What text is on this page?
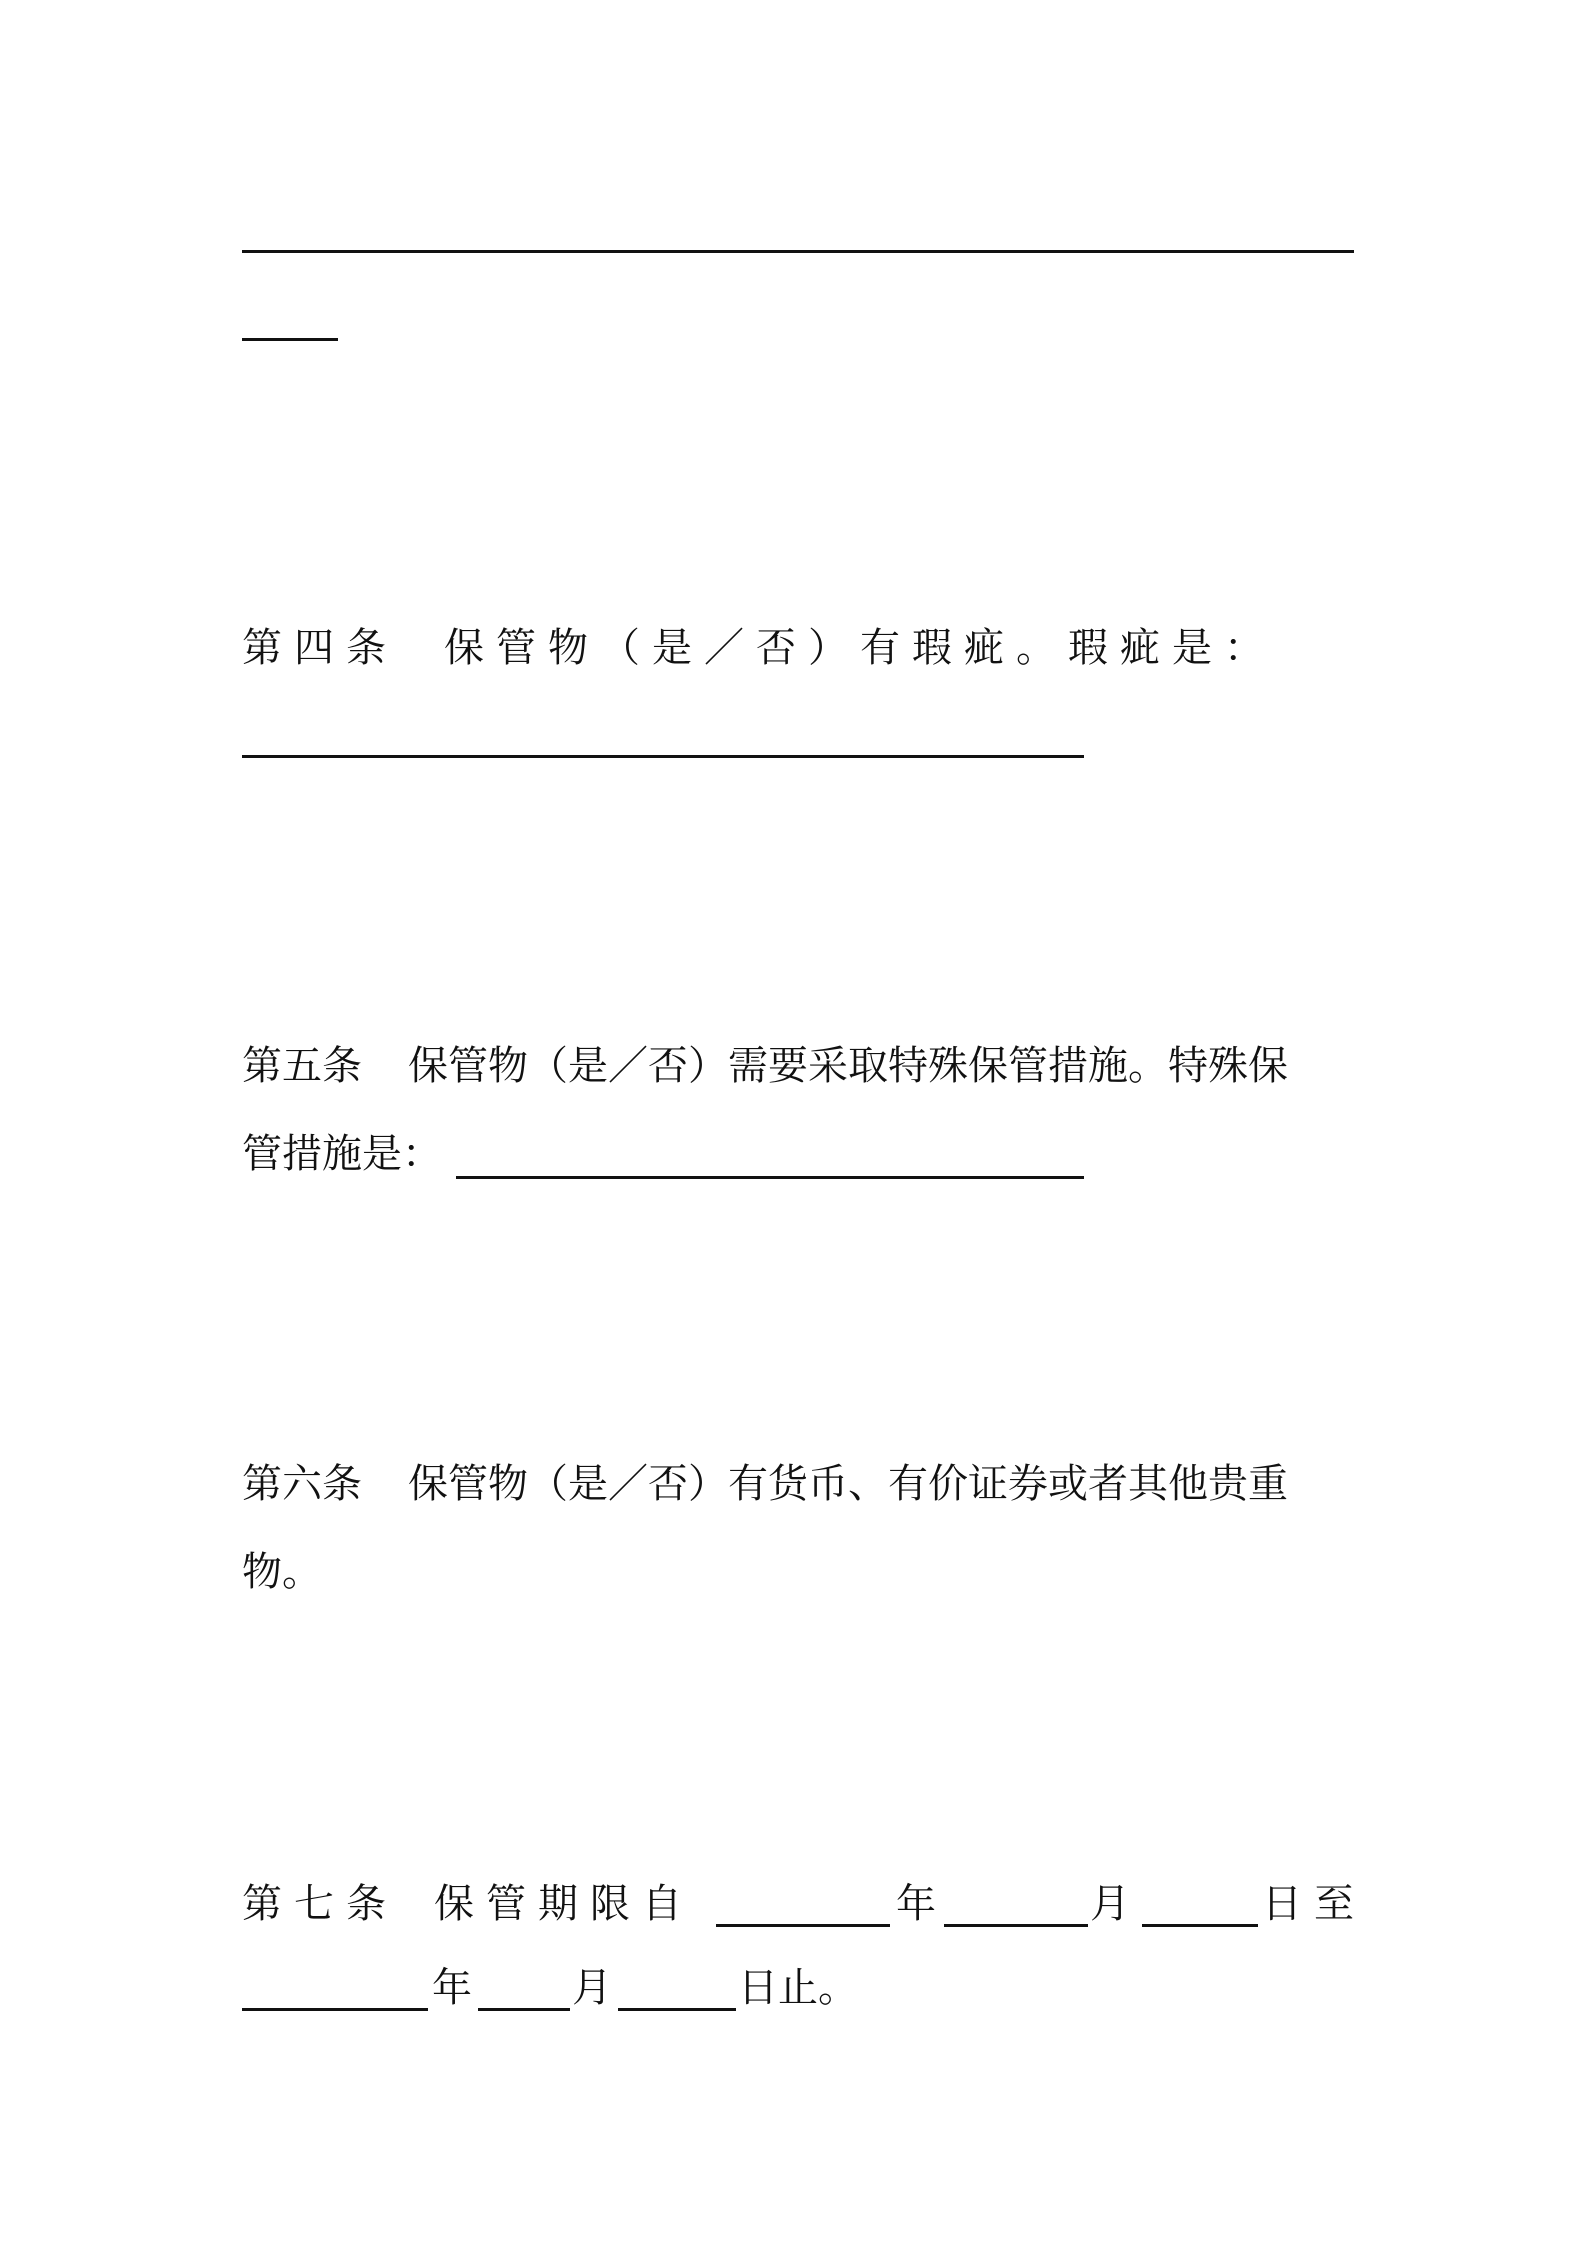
第四条 保管物（是／否）有瑕疵。瑕疵是：
第五条 保管物（是／否）需要采取特殊保管措施。特殊保
管措施是：
第六条 保管物（是／否）有货币、有价证券或者其他贵重
物。
第七条 保管期限自	年	月	日至
年	月	日止。
